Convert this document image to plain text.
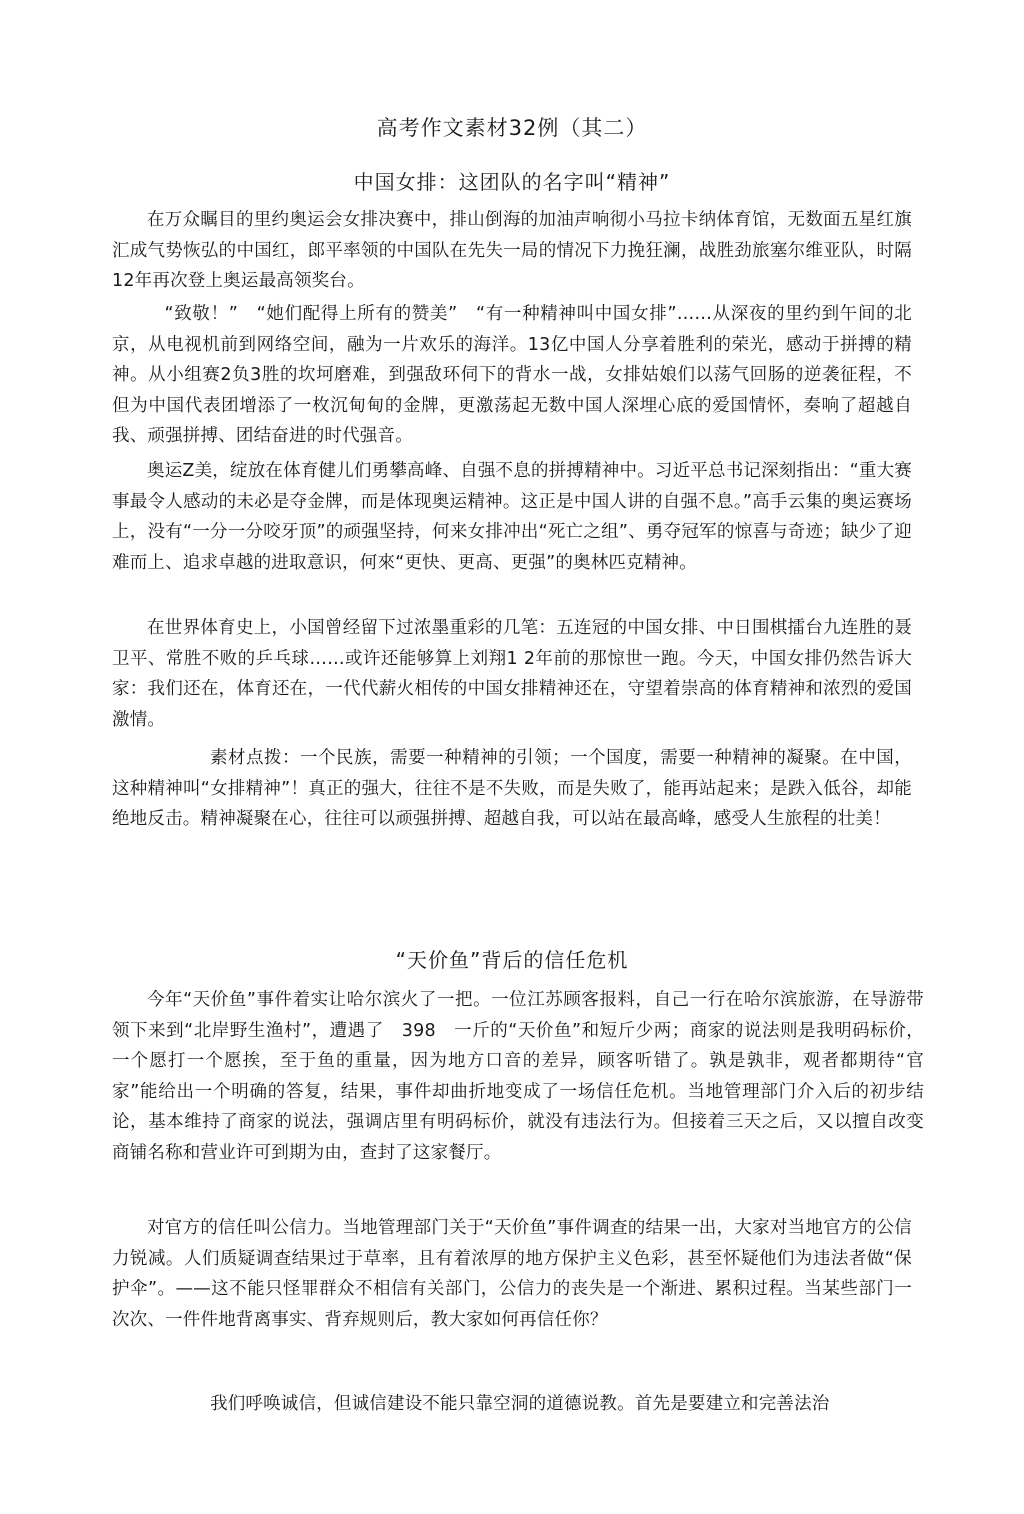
高考作文素材32例（其二）
中国女排：这团队的名字叫“精神”

在万众瞩目的里约奥运会女排决赛中，排山倒海的加油声响彻小马拉卡纳体育馆，无数面五星红旗汇成气势恢弘的中国红，郎平率领的中国队在先失一局的情况下力挽狂澜，战胜劲旅塞尔维亚队，时隔12年再次登上奥运最高领奖台。

“致敬！”　“她们配得上所有的赞美”　“有一种精神叫中国女排”……从深夜的里约到午间的北京，从电视机前到网络空间，融为一片欢乐的海洋。13亿中国人分享着胜利的荣光，感动于拼搏的精神。从小组赛2负3胜的坎坷磨难，到强敌环伺下的背水一战，女排姑娘们以荡气回肠的逆袭征程，不但为中国代表团增添了一枚沉甸甸的金牌，更激荡起无数中国人深埋心底的爱国情怀，奏响了超越自我、顽强拼搏、团结奋进的时代强音。

奥运Z美，绽放在体育健儿们勇攀高峰、自强不息的拼搏精神中。习近平总书记深刻指出：“重大赛事最令人感动的未必是夺金牌，而是体现奥运精神。这正是中国人讲的自强不息。”高手云集的奥运赛场上，没有“一分一分咬牙顶”的顽强坚持，何来女排冲出“死亡之组”、勇夺冠军的惊喜与奇迹；缺少了迎难而上、追求卓越的进取意识，何來“更快、更高、更强”的奥林匹克精神。

在世界体育史上，小国曾经留下过浓墨重彩的几笔：五连冠的中国女排、中日围棋擂台九连胜的聂卫平、常胜不败的乒乓球……或许还能够算上刘翔1 2年前的那惊世一跑。今天，中国女排仍然告诉大家：我们还在，体育还在，一代代薪火相传的中国女排精神还在，守望着崇高的体育精神和浓烈的爱国激情。

素材点拨：一个民族，需要一种精神的引领；一个国度，需要一种精神的凝聚。在中国，这种精神叫“女排精神”！真正的强大，往往不是不失败，而是失败了，能再站起来；是跌入低谷，却能绝地反击。精神凝聚在心，往往可以顽强拼搏、超越自我，可以站在最高峰，感受人生旅程的壮美！

“天价鱼”背后的信任危机

今年“天价鱼”事件着实让哈尔滨火了一把。一位江苏顾客报料，自己一行在哈尔滨旅游，在导游带领下来到“北岸野生渔村”，遭遇了　398　一斤的“天价鱼”和短斤少两；商家的说法则是我明码标价，一个愿打一个愿挨，至于鱼的重量，因为地方口音的差异，顾客听错了。孰是孰非，观者都期待“官家”能给出一个明确的答复，结果，事件却曲折地变成了一场信任危机。当地管理部门介入后的初步结论，基本维持了商家的说法，强调店里有明码标价，就没有违法行为。但接着三天之后，又以擅自改变商铺名称和营业许可到期为由，查封了这家餐厅。

对官方的信任叫公信力。当地管理部门关于“天价鱼”事件调查的结果一出，大家对当地官方的公信力锐减。人们质疑调查结果过于草率，且有着浓厚的地方保护主义色彩，甚至怀疑他们为违法者做“保护伞”。——这不能只怪罪群众不相信有关部门，公信力的丧失是一个渐进、累积过程。当某些部门一次次、一件件地背离事实、背弃规则后，教大家如何再信任你？

我们呼唤诚信，但诚信建设不能只靠空洞的道德说教。首先是要建立和完善法治
